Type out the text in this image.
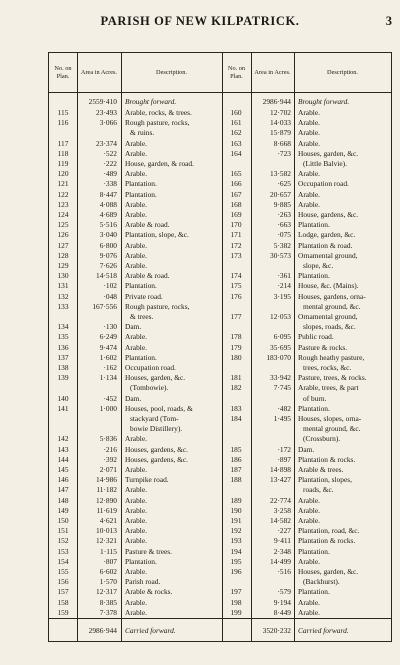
PARISH OF NEW KILPATRICK.	3
No. on Plan.
Area in Acres.	Description.
No. on Plan.
Area in Acres.	Description.
2559·410 Brought forward.	2986·944 Brought forward.
115	23·493 Arable, rocks, & trees.
116	3·066 Rough pasture, rocks,
& ruins.
117	23·374 Arable.
118	·522 Arable.
119	·222 House, garden, & road.
120	·489 Arable.
121	·338 Plantation.
122	8·447 Plantation.
123	4·088 Arable.
124	4·689 Arable.
125	5·516 Arable & road.
126	3·040 Plantation, slope, &c.
127	6·800 Arable.
128	9·076 Arable.
129	7·626 Arable.
130	14·518 Arable & road.
131	·102 Plantation.
132	·048 Private road.
133	167·556 Rough pasture, rocks,
& trees.
134	·130 Dam.
135	6·249 Arable.
136	9·474 Arable.
137	1·602 Plantation.
138	·162 Occupation road.
139	1·134 Houses, garden, &c.
(Tombowie).
140	·452 Dam.
141	1·000 Houses, pool, roads, &
stackyard (Tom-
bowie Distillery).
142	5·836 Arable.
143	·216 Houses, gardens, &c.
144	·392 Houses, gardens, &c.
145	2·071 Arable.
146	14·986 Turnpike road.
147	11·182 Arable.
148	12·890 Arable.
149	11·619 Arable.
150	4·621 Arable.
151	10·013 Arable.
152	12·321 Arable.
153	1·115 Pasture & trees.
154	·807 Plantation.
155	6·602 Arable.
156	1·570 Parish road.
157	12·317 Arable & rocks.
158	8·385 Arable.
159	7·378 Arable.
160	12·702 Arable.
161	14·033 Arable.
162	15·879 Arable.
163	8·668 Arable.
164	·723 Houses, garden, &c.
(Little Balvie).
165	13·582 Arable.
166	·625 Occupation road.
167	20·657 Arable.
168	9·885 Arable.
169	·263 House, gardens, &c.
170	·663 Plantation.
171	·075 Lodge, garden, &c.
172	5·382 Plantation & road.
173	30·573 Ornamental ground,
slope, &c.
174	·361 Plantation.
175	·214 House, &c. (Mains).
176	3·195 Houses, gardens, orna-
mental ground, &c.
177	12·053 Ornamental ground,
slopes, roads, &c.
178	6·095 Public road.
179	35·695 Pasture & rocks.
180	183·070 Rough heathy pasture,
trees, rocks, &c.
181	33·942 Pasture, trees, & rocks.
182	7·745 Arable, trees, & part
of burn.
183	·482 Plantation.
184	1·495 Houses, slopes, orna-
mental ground, &c.
(Crossburn).
185	·172 Dam.
186	·897 Plantation & rocks.
187	14·898 Arable & trees.
188	13·427 Plantation, slopes,
roads, &c.
189	22·774 Arable.
190	3·258 Arable.
191	14·582 Arable.
192	·227 Plantation, road, &c.
193	9·411 Plantation & rocks.
194	2·348 Plantation.
195	14·499 Arable.
196	·516 Houses, garden, &c.
(Backhurst).
197	·579 Plantation.
198	9·194 Arable.
199	8·449 Arable.
2986·944 Carried forward.	3520·232 Carried forward.
